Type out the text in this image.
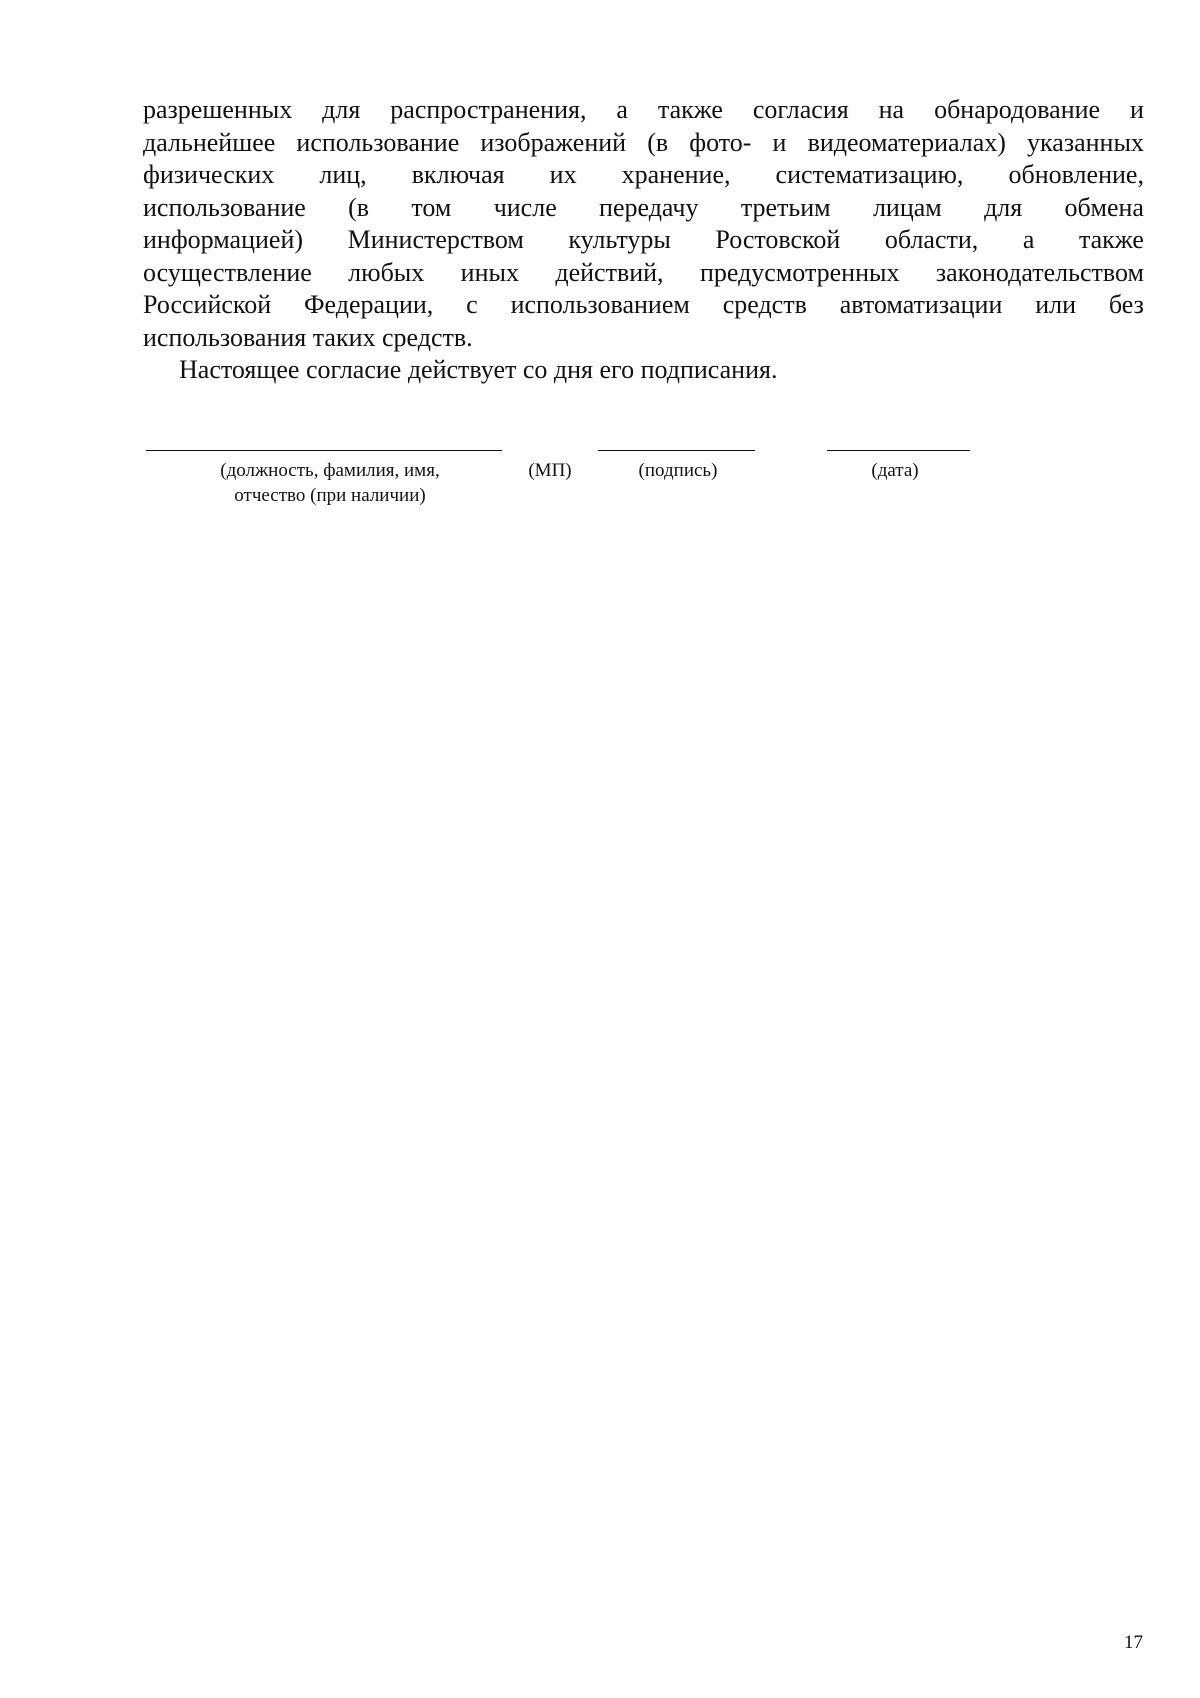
разрешенных для распространения, а также согласия на обнародование и
дальнейшее использование изображений (в фото- и видеоматериалах) указанных
физических лиц, включая их хранение, систематизацию, обновление,
использование (в том числе передачу третьим лицам для обмена
информацией) Министерством культуры Ростовской области, а также
осуществление любых иных действий, предусмотренных законодательством
Российской Федерации, с использованием средств автоматизации или без
использования таких средств.
Настоящее согласие действует со дня его подписания.
(должность, фамилия, имя,
отчество (при наличии)
(МП)	(подпись)	(дата)
17
